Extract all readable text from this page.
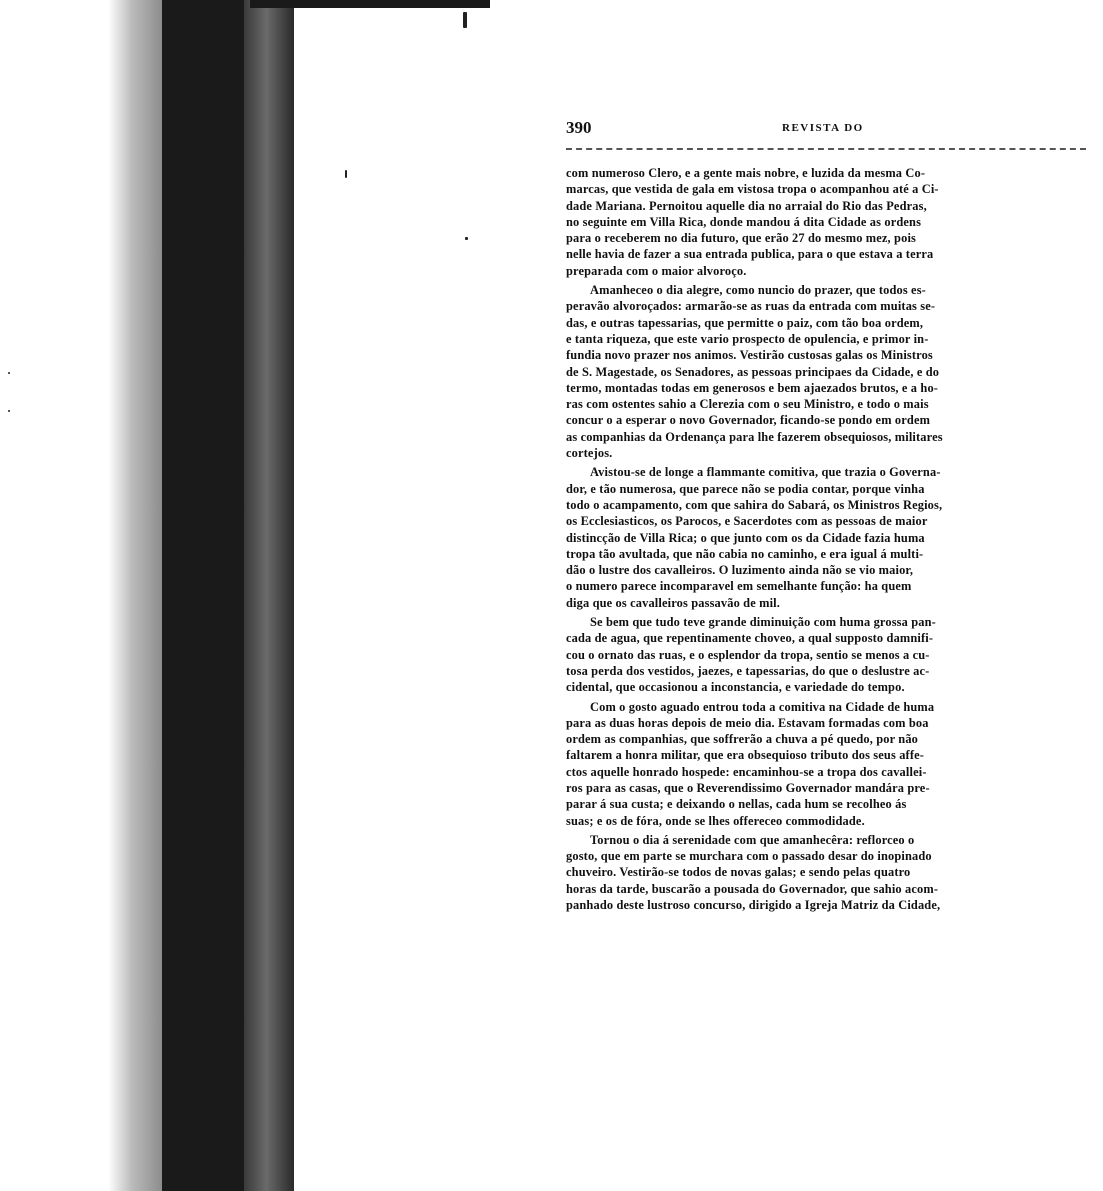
390	REVISTA DO

com numeroso Clero, e a gente mais nobre, e luzida da mesma Co-
marcas, que vestida de gala em vistosa tropa o acompanhou até a Ci-
dade Mariana. Pernoitou aquelle dia no arraial do Rio das Pedras,
no seguinte em Villa Rica, donde mandou á dita Cidade as ordens
para o receberem no dia futuro, que erão 27 do mesmo mez, pois
nelle havia de fazer a sua entrada publica, para o que estava a terra
preparada com o maior alvoroço.

Amanheceo o dia alegre, como nuncio do prazer, que todos es-
peravão alvoroçados: armarão-se as ruas da entrada com muitas se-
das, e outras tapessarias, que permitte o paiz, com tão boa ordem,
e tanta riqueza, que este vario prospecto de opulencia, e primor in-
fundia novo prazer nos animos. Vestirão custosas galas os Ministros
de S. Magestade, os Senadores, as pessoas principaes da Cidade, e do
termo, montadas todas em generosos e bem ajaezados brutos, e a ho-
ras com ostentes sahio a Clerezia com o seu Ministro, e todo o mais
concur o a esperar o novo Governador, ficando-se pondo em ordem
as companhias da Ordenança para lhe fazerem obsequiosos, militares
cortejos.

Avistou-se de longe a flammante comitiva, que trazia o Governa-
dor, e tão numerosa, que parece não se podia contar, porque vinha
todo o acampamento, com que sahira do Sabará, os Ministros Regios,
os Ecclesiasticos, os Parocos, e Sacerdotes com as pessoas de maior
distincção de Villa Rica; o que junto com os da Cidade fazia huma
tropa tão avultada, que não cabia no caminho, e era igual á multi-
dão o lustre dos cavalleiros. O luzimento ainda não se vio maior,
o numero parece incomparavel em semelhante função: ha quem
diga que os cavalleiros passavão de mil.

Se bem que tudo teve grande diminuição com huma grossa pan-
cada de agua, que repentinamente choveo, a qual supposto damnifi-
cou o ornato das ruas, e o esplendor da tropa, sentio se menos a cu-
tosa perda dos vestidos, jaezes, e tapessarias, do que o deslustre ac-
cidental, que occasionou a inconstancia, e variedade do tempo.

Com o gosto aguado entrou toda a comitiva na Cidade de huma
para as duas horas depois de meio dia. Estavam formadas com boa
ordem as companhias, que soffrerão a chuva a pé quedo, por não
faltarem a honra militar, que era obsequioso tributo dos seus affe-
ctos aquelle honrado hospede: encaminhou-se a tropa dos cavallei-
ros para as casas, que o Reverendissimo Governador mandára pre-
parar á sua custa; e deixando o nellas, cada hum se recolheo ás
suas; e os de fóra, onde se lhes offereceo commodidade.

Tornou o dia á serenidade com que amanhecêra: reflorceo o
gosto, que em parte se murchara com o passado desar do inopinado
chuveiro. Vestirão-se todos de novas galas; e sendo pelas quatro
horas da tarde, buscarão a pousada do Governador, que sahio acom-
panhado deste lustroso concurso, dirigido a Igreja Matriz da Cidade,
